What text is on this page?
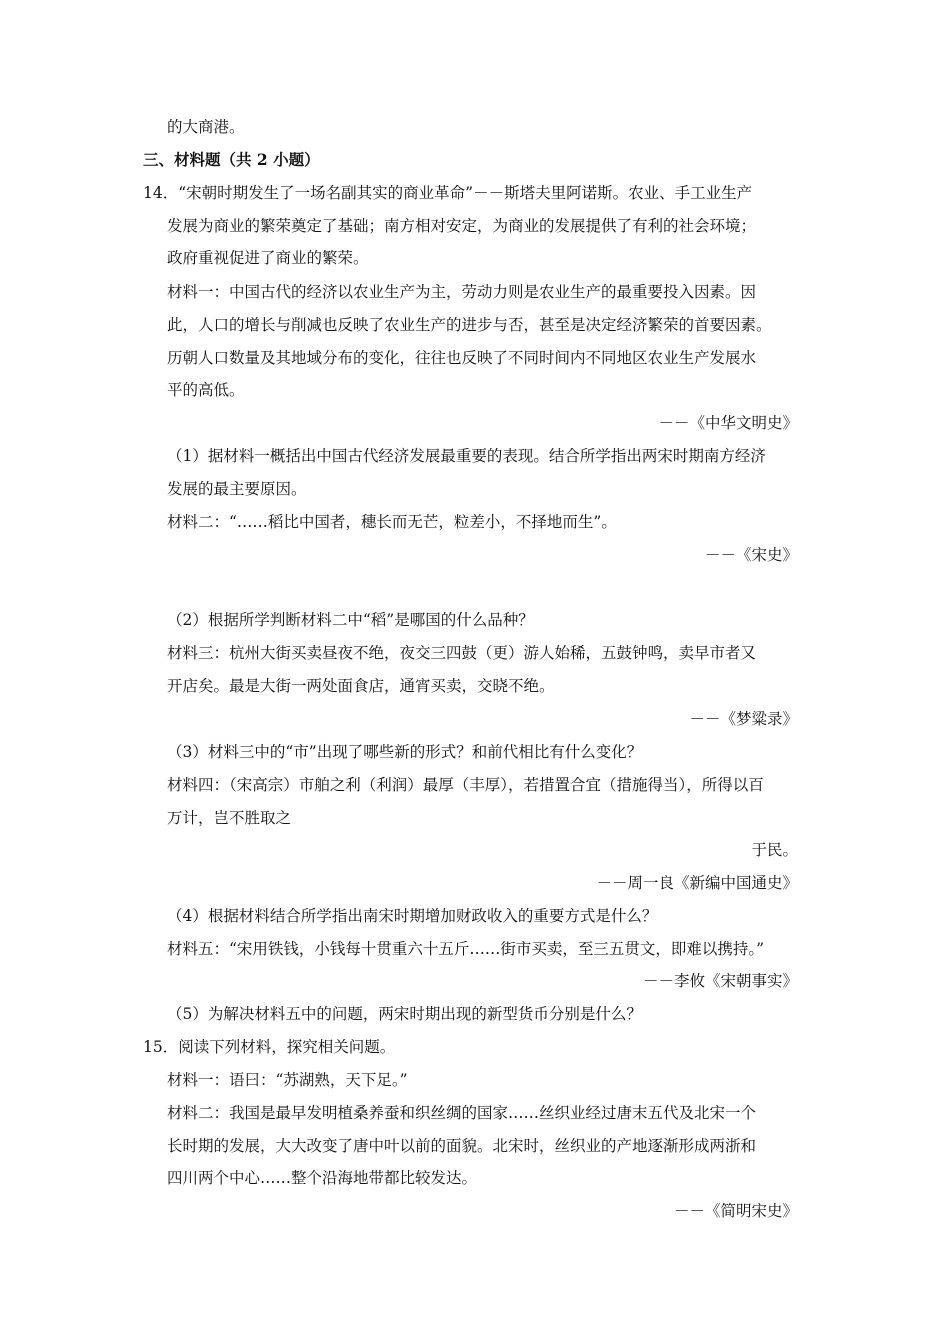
的大商港。
三、材料题（共 2 小题）
14．“宋朝时期发生了一场名副其实的商业革命”－－斯塔夫里阿诺斯。农业、手工业生产
发展为商业的繁荣奠定了基础；南方相对安定，为商业的发展提供了有利的社会环境；
政府重视促进了商业的繁荣。
材料一：中国古代的经济以农业生产为主，劳动力则是农业生产的最重要投入因素。因
此，人口的增长与削减也反映了农业生产的进步与否，甚至是决定经济繁荣的首要因素。
历朝人口数量及其地域分布的变化，往往也反映了不同时间内不同地区农业生产发展水
平的高低。
－－《中华文明史》
（1）据材料一概括出中国古代经济发展最重要的表现。结合所学指出两宋时期南方经济
发展的最主要原因。
材料二：“……稻比中国者，穗长而无芒，粒差小，不择地而生”。
－－《宋史》
（2）根据所学判断材料二中“稻”是哪国的什么品种？
材料三：杭州大街买卖昼夜不绝，夜交三四鼓（更）游人始稀，五鼓钟鸣，卖早市者又
开店矣。最是大街一两处面食店，通宵买卖，交晓不绝。
－－《梦粱录》
（3）材料三中的“市”出现了哪些新的形式？和前代相比有什么变化？
材料四：（宋高宗）市舶之利（利润）最厚（丰厚），若措置合宜（措施得当），所得以百
万计，岂不胜取之
于民。
－－周一良《新编中国通史》
（4）根据材料结合所学指出南宋时期增加财政收入的重要方式是什么？
材料五：“宋用铁钱，小钱每十贯重六十五斤……街市买卖，至三五贯文，即难以携持。”
－－李攸《宋朝事实》
（5）为解决材料五中的问题，两宋时期出现的新型货币分别是什么？
15．阅读下列材料，探究相关问题。
材料一：语曰：“苏湖熟，天下足。”
材料二：我国是最早发明植桑养蚕和织丝绸的国家……丝织业经过唐末五代及北宋一个
长时期的发展，大大改变了唐中叶以前的面貌。北宋时，丝织业的产地逐渐形成两浙和
四川两个中心……整个沿海地带都比较发达。
－－《简明宋史》
